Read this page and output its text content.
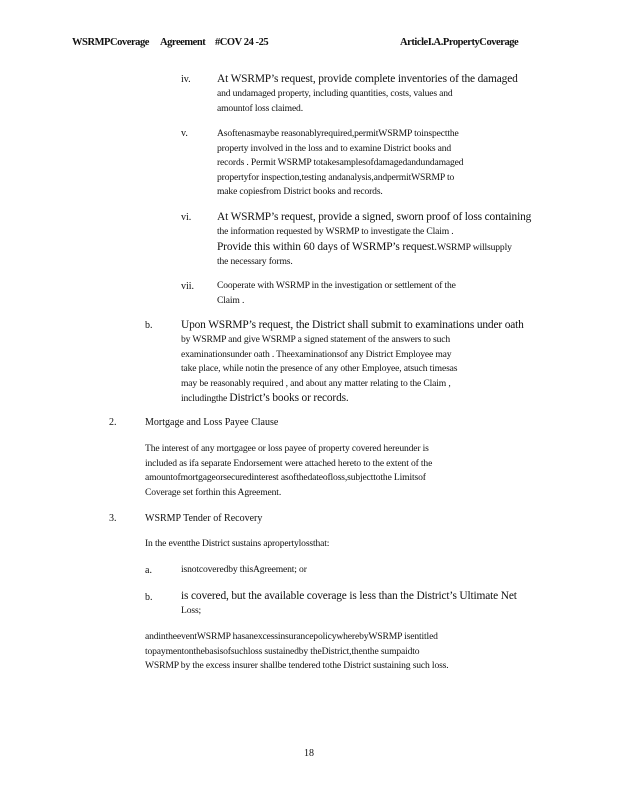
WSRMPCoverage Agreement #COV 24 -25	ArticleI.A.PropertyCoverage
iv. At WSRMP’s request, provide complete inventories of the damaged
and undamaged property, including quantities, costs, values and
amountof loss claimed.
v.	Asoftenasmaybe reasonablyrequired,permitWSRMP toinspectthe
property involved in the loss and to examine District books and
records . Permit WSRMP totakesamplesofdamagedandundamaged
propertyfor inspection,testing andanalysis,andpermitWSRMP to
make copiesfrom District books and records.
vi. At WSRMP’s request, provide a signed, sworn proof of loss containing
the information requested by WSRMP to investigate the Claim .
Provide this within 60 days of WSRMP’s request.WSRMP willsupply
the necessary forms.
vii. Cooperate with WSRMP in the investigation or settlement of the
Claim .
b.	Upon WSRMP’s request, the District shall submit to examinations under oath
by WSRMP and give WSRMP a signed statement of the answers to such
examinationsunder oath . Theexaminationsof any District Employee may
take place, while notin the presence of any other Employee, atsuch timesas
may be reasonably required , and about any matter relating to the Claim ,
includingthe District’s books or records.
2.	Mortgage and Loss Payee Clause
The interest of any mortgagee or loss payee of property covered hereunder is
included as ifa separate Endorsement were attached hereto to the extent of the
amountofmortgageorsecuredinterest asofthedateofloss,subjecttothe Limitsof
Coverage set forthin this Agreement.
3.	WSRMP Tender of Recovery
In the eventthe District sustains apropertylossthat:
a.	isnotcoveredby thisAgreement; or
b.	is covered, but the available coverage is less than the District’s Ultimate Net
Loss;
andintheeventWSRMP hasanexcessinsurancepolicywherebyWSRMP isentitled
topaymentonthebasisofsuchloss sustainedby theDistrict,thenthe sumpaidto
WSRMP by the excess insurer shallbe tendered tothe District sustaining such loss.
18
